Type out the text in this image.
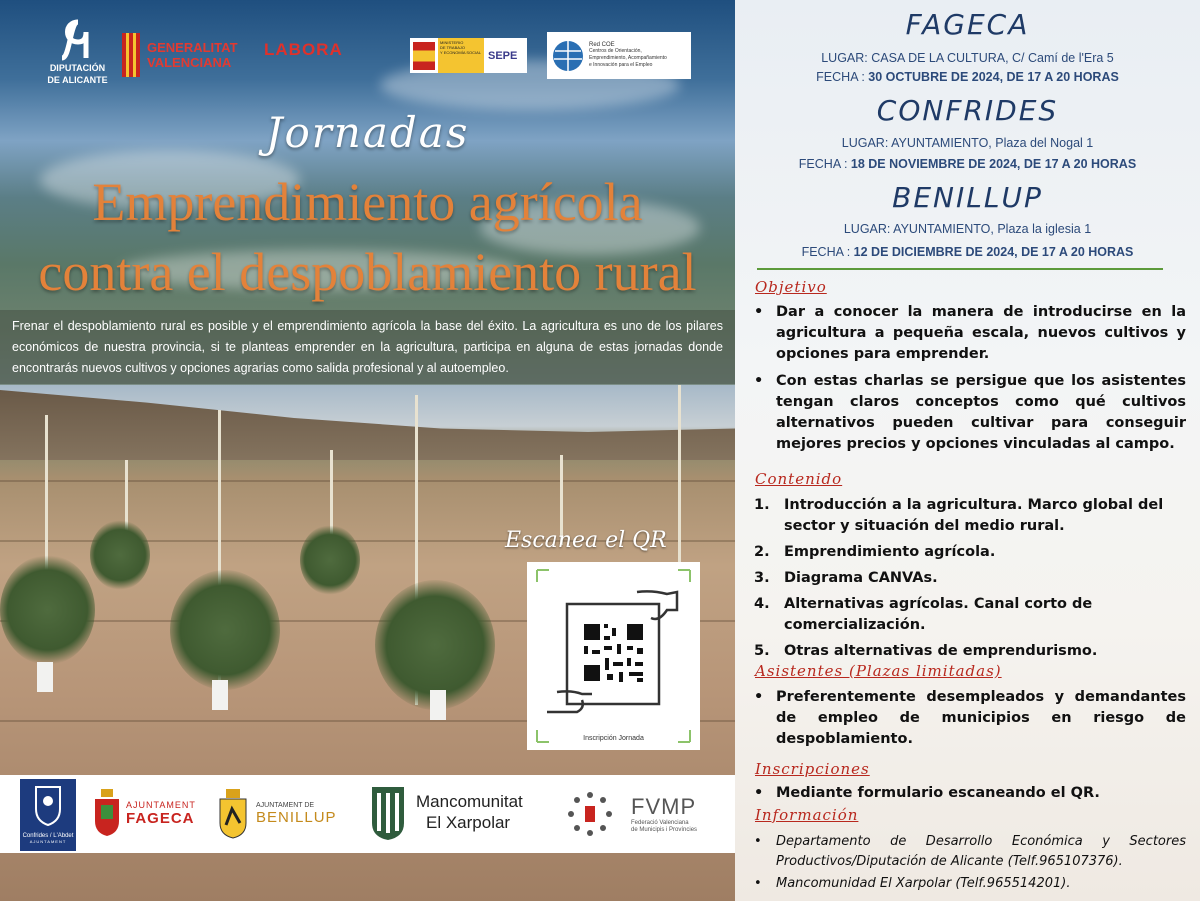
DIPUTACIÓN
DE ALICANTE
GENERALITAT
VALENCIANA
LABORA	MINISTERIO
DE TRABAJO
Y ECONOMÍA SOCIAL SEPE
Red COE
Centros de Orientación,
Emprendimiento, Acompañamiento
e Innovación para el Empleo
Jornadas
Emprendimiento agrícola
contra el despoblamiento rural

Frenar el despoblamiento rural es posible y el emprendimiento agrícola la base del éxito. La agricultura es uno de los pilares económicos de nuestra provincia, si te planteas emprender en la agricultura, participa en alguna de estas jornadas donde encontrarás nuevos cultivos y opciones agrarias como salida profesional y al autoempleo.

Escanea el QR
Inscripción Jornada
Confrides / L'Abdet
AJUNTAMENT
AJUNTAMENT
FAGECA
AJUNTAMENT DE
BENILLUP
Mancomunitat
El Xarpolar
FVMP
Federació Valenciana
de Municipis i Províncies
FAGECA
LUGAR: CASA DE LA CULTURA, C/ Camí de l'Era 5
FECHA : 30 OCTUBRE DE 2024, DE 17 A 20 HORAS
CONFRIDES
LUGAR: AYUNTAMIENTO, Plaza del Nogal 1
FECHA : 18 DE NOVIEMBRE DE 2024, DE 17 A 20 HORAS
BENILLUP
LUGAR: AYUNTAMIENTO, Plaza la iglesia 1
FECHA : 12 DE DICIEMBRE DE 2024, DE 17 A 20 HORAS
Objetivo
• Dar a conocer la manera de introducirse en la agricultura a pequeña escala, nuevos cultivos y opciones para emprender.
• Con estas charlas se persigue que los asistentes tengan claros conceptos como qué cultivos alternativos pueden cultivar para conseguir mejores precios y opciones vinculadas al campo.
Contenido
1. Introducción a la agricultura. Marco global del sector y situación del medio rural.
2. Emprendimiento agrícola.
3. Diagrama CANVAs.
4. Alternativas agrícolas. Canal corto de comercialización.
5. Otras alternativas de emprendurismo.
Asistentes (Plazas limitadas)
• Preferentemente desempleados y demandantes de empleo de municipios en riesgo de despoblamiento.
Inscripciones
• Mediante formulario escaneando el QR.
Información
•	Departamento de Desarrollo Económica y Sectores Productivos/Diputación de Alicante (Telf.965107376).
•	Mancomunidad El Xarpolar (Telf.965514201).
